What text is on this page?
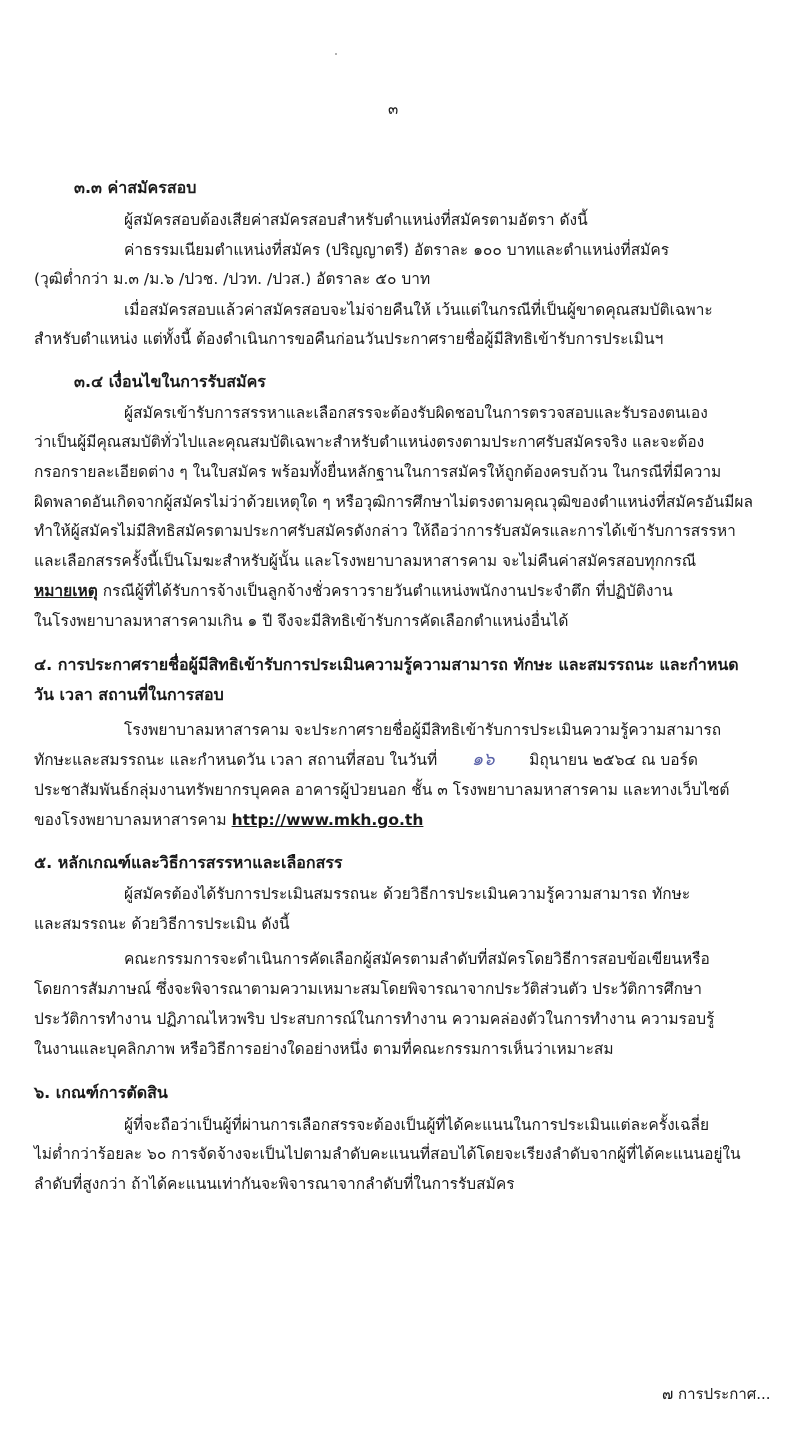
๓
๓.๓ ค่าสมัครสอบ
ผู้สมัครสอบต้องเสียค่าสมัครสอบสำหรับตำแหน่งที่สมัครตามอัตรา ดังนี้
ค่าธรรมเนียมตำแหน่งที่สมัคร (ปริญญาตรี) อัตราละ ๑๐๐ บาทและตำแหน่งที่สมัคร
(วุฒิต่ำกว่า ม.๓ /ม.๖ /ปวช. /ปวท. /ปวส.) อัตราละ ๕๐ บาท
เมื่อสมัครสอบแล้วค่าสมัครสอบจะไม่จ่ายคืนให้ เว้นแต่ในกรณีที่เป็นผู้ขาดคุณสมบัติเฉพาะ
สำหรับตำแหน่ง แต่ทั้งนี้ ต้องดำเนินการขอคืนก่อนวันประกาศรายชื่อผู้มีสิทธิเข้ารับการประเมินฯ
๓.๔ เงื่อนไขในการรับสมัคร
ผู้สมัครเข้ารับการสรรหาและเลือกสรรจะต้องรับผิดชอบในการตรวจสอบและรับรองตนเอง
ว่าเป็นผู้มีคุณสมบัติทั่วไปและคุณสมบัติเฉพาะสำหรับตำแหน่งตรงตามประกาศรับสมัครจริง และจะต้อง
กรอกรายละเอียดต่าง ๆ ในใบสมัคร พร้อมทั้งยื่นหลักฐานในการสมัครให้ถูกต้องครบถ้วน ในกรณีที่มีความ
ผิดพลาดอันเกิดจากผู้สมัครไม่ว่าด้วยเหตุใด ๆ หรือวุฒิการศึกษาไม่ตรงตามคุณวุฒิของตำแหน่งที่สมัครอันมีผล
ทำให้ผู้สมัครไม่มีสิทธิสมัครตามประกาศรับสมัครดังกล่าว ให้ถือว่าการรับสมัครและการได้เข้ารับการสรรหา
และเลือกสรรครั้งนี้เป็นโมฆะสำหรับผู้นั้น และโรงพยาบาลมหาสารคาม จะไม่คืนค่าสมัครสอบทุกกรณี
หมายเหตุ กรณีผู้ที่ได้รับการจ้างเป็นลูกจ้างชั่วคราวรายวันตำแหน่งพนักงานประจำตึก ที่ปฏิบัติงาน
ในโรงพยาบาลมหาสารคามเกิน ๑ ปี จึงจะมีสิทธิเข้ารับการคัดเลือกตำแหน่งอื่นได้
๔. การประกาศรายชื่อผู้มีสิทธิเข้ารับการประเมินความรู้ความสามารถ ทักษะ และสมรรถนะ และกำหนด
วัน เวลา สถานที่ในการสอบ
โรงพยาบาลมหาสารคาม จะประกาศรายชื่อผู้มีสิทธิเข้ารับการประเมินความรู้ความสามารถ
ทักษะและสมรรถนะ และกำหนดวัน เวลา สถานที่สอบ ในวันที่ ๑๖ มิถุนายน ๒๕๖๔ ณ บอร์ด
ประชาสัมพันธ์กลุ่มงานทรัพยากรบุคคล อาคารผู้ป่วยนอก ชั้น ๓ โรงพยาบาลมหาสารคาม และทางเว็บไซต์
ของโรงพยาบาลมหาสารคาม http://www.mkh.go.th
๕. หลักเกณฑ์และวิธีการสรรหาและเลือกสรร
ผู้สมัครต้องได้รับการประเมินสมรรถนะ ด้วยวิธีการประเมินความรู้ความสามารถ ทักษะ
และสมรรถนะ ด้วยวิธีการประเมิน ดังนี้
คณะกรรมการจะดำเนินการคัดเลือกผู้สมัครตามลำดับที่สมัครโดยวิธีการสอบข้อเขียนหรือ
โดยการสัมภาษณ์ ซึ่งจะพิจารณาตามความเหมาะสมโดยพิจารณาจากประวัติส่วนตัว ประวัติการศึกษา
ประวัติการทำงาน ปฏิภาณไหวพริบ ประสบการณ์ในการทำงาน ความคล่องตัวในการทำงาน ความรอบรู้
ในงานและบุคลิกภาพ หรือวิธีการอย่างใดอย่างหนึ่ง ตามที่คณะกรรมการเห็นว่าเหมาะสม
๖. เกณฑ์การตัดสิน
ผู้ที่จะถือว่าเป็นผู้ที่ผ่านการเลือกสรรจะต้องเป็นผู้ที่ได้คะแนนในการประเมินแต่ละครั้งเฉลี่ย
ไม่ต่ำกว่าร้อยละ ๖๐ การจัดจ้างจะเป็นไปตามลำดับคะแนนที่สอบได้โดยจะเรียงลำดับจากผู้ที่ได้คะแนนอยู่ใน
ลำดับที่สูงกว่า ถ้าได้คะแนนเท่ากันจะพิจารณาจากลำดับที่ในการรับสมัคร
๗ การประกาศ...
